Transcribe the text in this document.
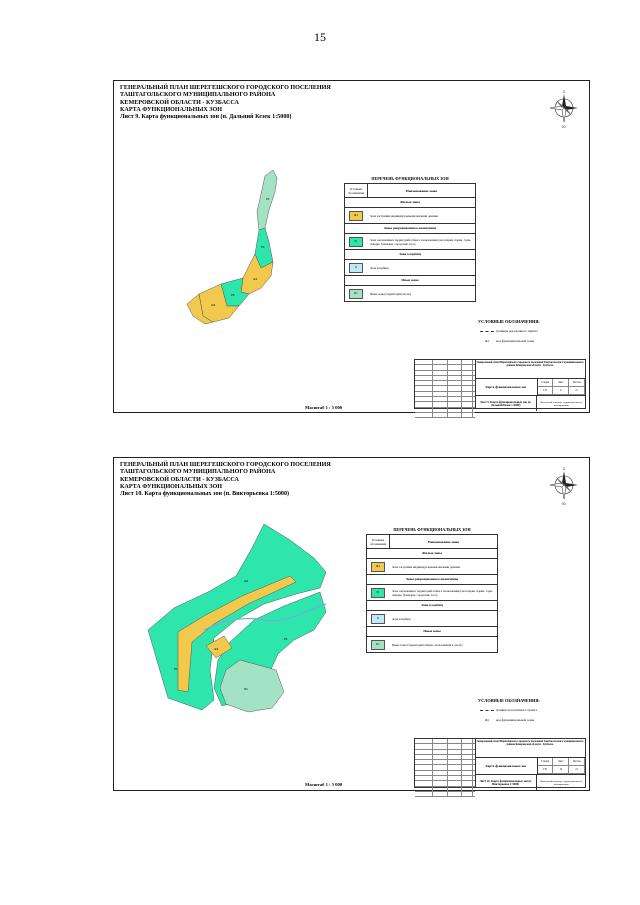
15
ГЕНЕРАЛЬНЫЙ ПЛАН ШЕРЕГЕШСКОГО ГОРОДСКОГО ПОСЕЛЕНИЯ
ТАШТАГОЛЬСКОГО МУНИЦИПАЛЬНОГО РАЙОНА
КЕМЕРОВСКОЙ ОБЛАСТИ - КУЗБАССА
КАРТА ФУНКЦИОНАЛЬНЫХ ЗОН
Лист 9. Карта функциональных зон (п. Дальний Кезек 1:5000)
С
Ю
Р1
Р1
Ж1
Р1
Ж1
ПЕРЕЧЕНЬ ФУНКЦИОНАЛЬНЫХ ЗОН
Условные обозначения	Наименование зоны
Жилые зоны
Ж1	Зона застройки индивидуальными жилыми домами
Зоны рекреационного назначения
Р1	Зона озелененных территорий общего пользования (лесопарки, парки, сады, скверы, бульвары, городские леса)
Зона кладбищ
К	Зона кладбищ
Иные зоны
И1	Иные зоны (территории лесов)
УСЛОВНЫЕ ОБОЗНАЧЕНИЯ:
границы населенного пункта
Ж1	код функциональной зоны
Генеральный план Шерегешского городского поселения Таштагольского муниципального района Кемеровской области - Кузбасса
Карта функциональных зон
Стадия	Лист	Листов
ГП	9	21
Лист 9. Карта функциональных зон (п. Дальний Кезек 1:5000)
Проектный институт территориального планирования
Масштаб 1 : 5 000
ГЕНЕРАЛЬНЫЙ ПЛАН ШЕРЕГЕШСКОГО ГОРОДСКОГО ПОСЕЛЕНИЯ
ТАШТАГОЛЬСКОГО МУНИЦИПАЛЬНОГО РАЙОНА
КЕМЕРОВСКОЙ ОБЛАСТИ - КУЗБАССА
КАРТА ФУНКЦИОНАЛЬНЫХ ЗОН
Лист 10. Карта функциональных зон (п. Викторьевка 1:5000)
С
Ю
Р1
Ж1
Ж1
Р1
И1
ПЕРЕЧЕНЬ ФУНКЦИОНАЛЬНЫХ ЗОН
Условные обозначения	Наименование зоны
Жилые зоны
Ж1	Зона застройки индивидуальными жилыми домами
Зоны рекреационного назначения
Р1	Зона озелененных территорий общего пользования (лесопарки, парки, сады, скверы, бульвары, городские леса)
Зона кладбищ
К	Зона кладбищ
Иные зоны
И1	Иные зоны (территории общего пользования в лесах)
УСЛОВНЫЕ ОБОЗНАЧЕНИЯ:
граница населенного пункта
Ж1	код функциональной зоны
Генеральный план Шерегешского городского поселения Таштагольского муниципального района Кемеровской области - Кузбасса
Карта функциональных зон
Стадия	Лист	Листов
ГП	10	21
Лист 10. Карта функциональных зон (п. Викторьевка 1:5000)
Проектный институт территориального планирования
Масштаб 1 : 5 000
